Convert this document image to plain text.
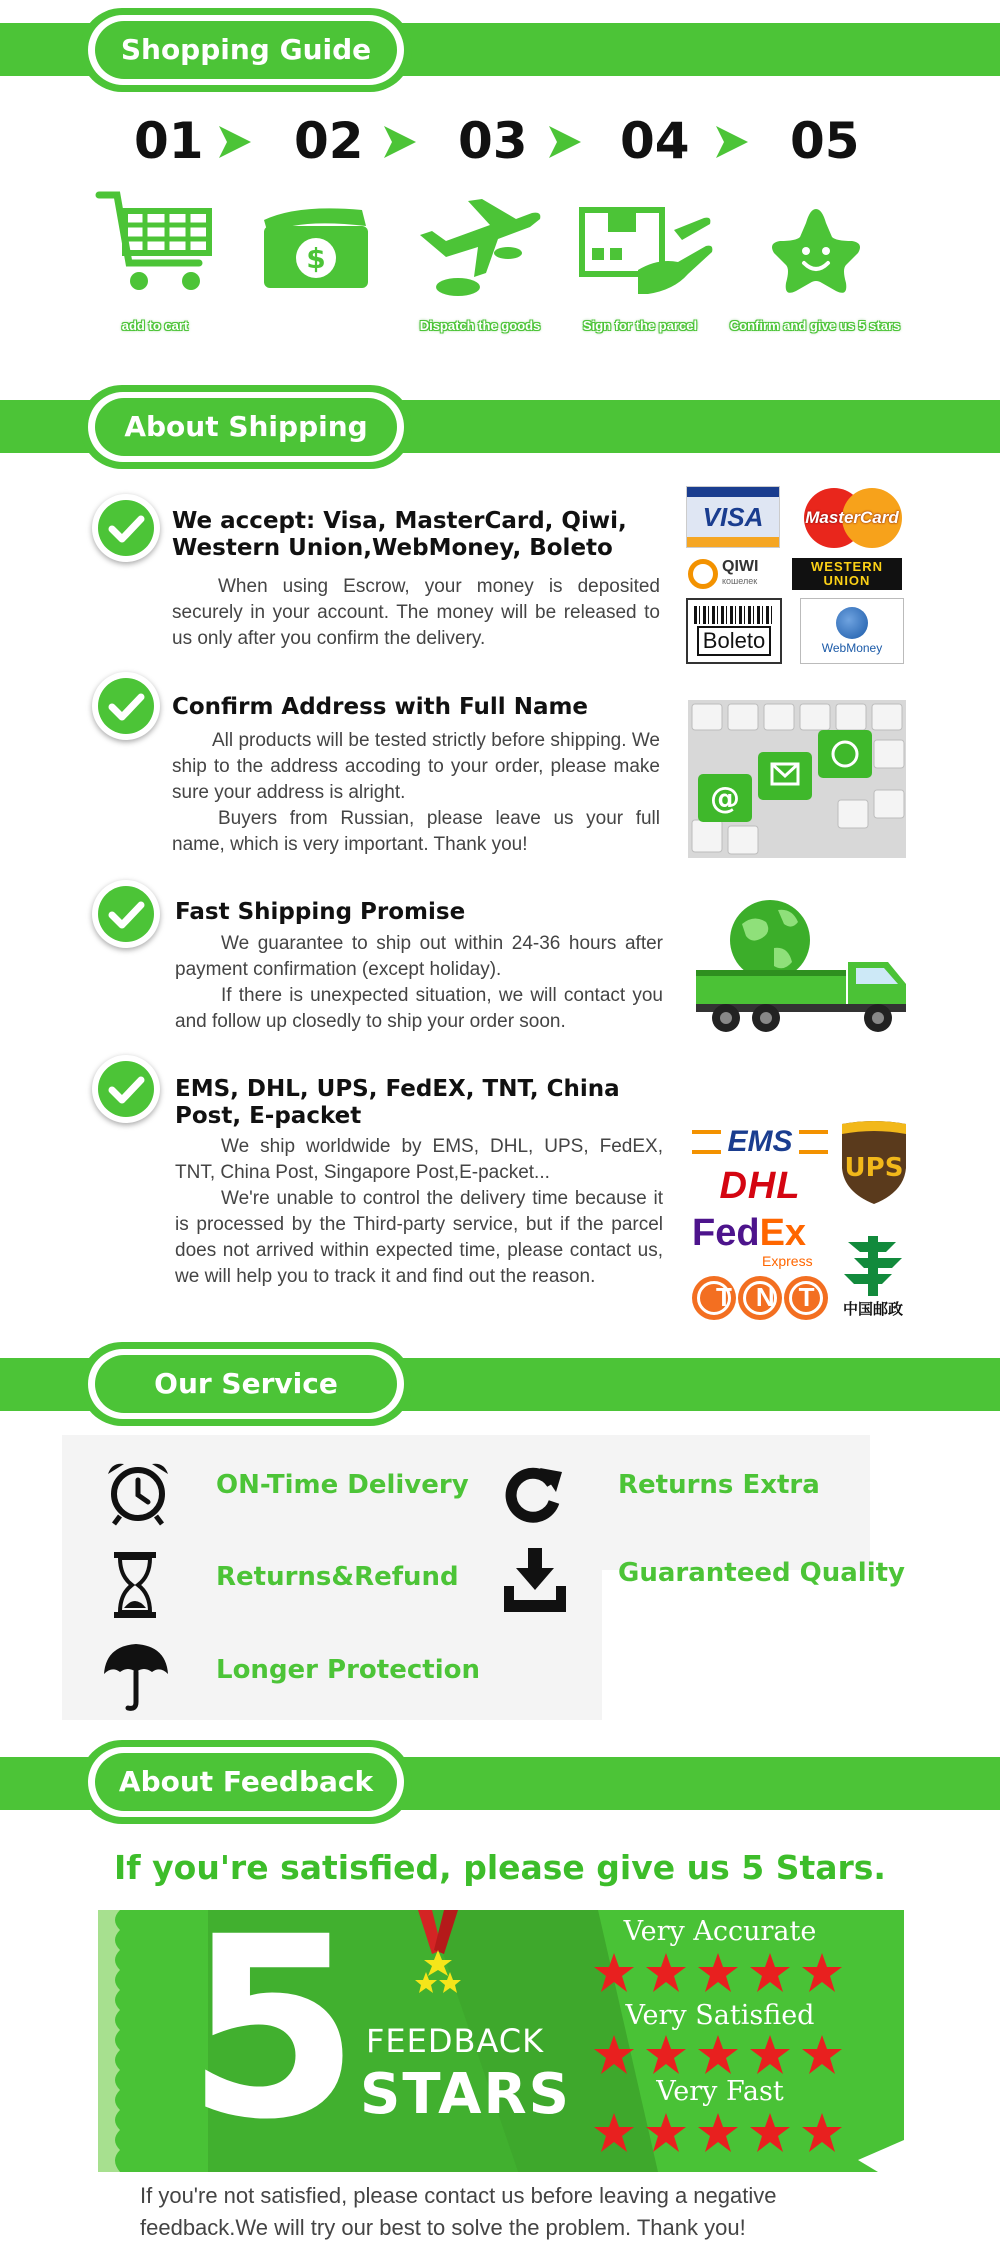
Shopping Guide
01 02 03 04 05
$
add to cart	Dispatch the goods	Sign for the parcel	Confirm and give us 5 stars
About Shipping
We accept: Visa, MasterCard, Qiwi, Western Union,WebMoney, Boleto

When using Escrow, your money is deposited securely in your account. The money will be released to us only after you confirm the delivery.

VISA	MasterCard
QIWI
кошелек
WESTERN
UNION
Boleto	WebMoney
Confirm Address with Full Name

All products will be tested strictly before shipping. We ship to the address accoding to your order, please make sure your address is alright.

Buyers from Russian, please leave us your full name, which is very important. Thank you!

@
Fast Shipping Promise

We guarantee to ship out within 24-36 hours after payment confirmation (except holiday).

If there is unexpected situation, we will contact you and follow up closedly to ship your order soon.

EMS, DHL, UPS, FedEX, TNT, China Post, E-packet

We ship worldwide by EMS, DHL, UPS, FedEX, TNT, China Post, Singapore Post,E-packet...

We're unable to control the delivery time because it is processed by the Third-party service, but if the parcel does not arrived within expected time, please contact us, we will help you to track it and find out the reason.

EMS
DHL UPS
FedEx
Express
TNT 中国邮政
Our Service
ON-Time Delivery	Returns Extra
Returns&Refund	Guaranteed Quality
Longer Protection
About Feedback
If you're satisfied, please give us 5 Stars.
5 FEEDBACK
STARS
Very Accurate
Very Satisfied
Very Fast
If you're not satisfied, please contact us before leaving a negative feedback.We will try our best to solve the problem. Thank you!
